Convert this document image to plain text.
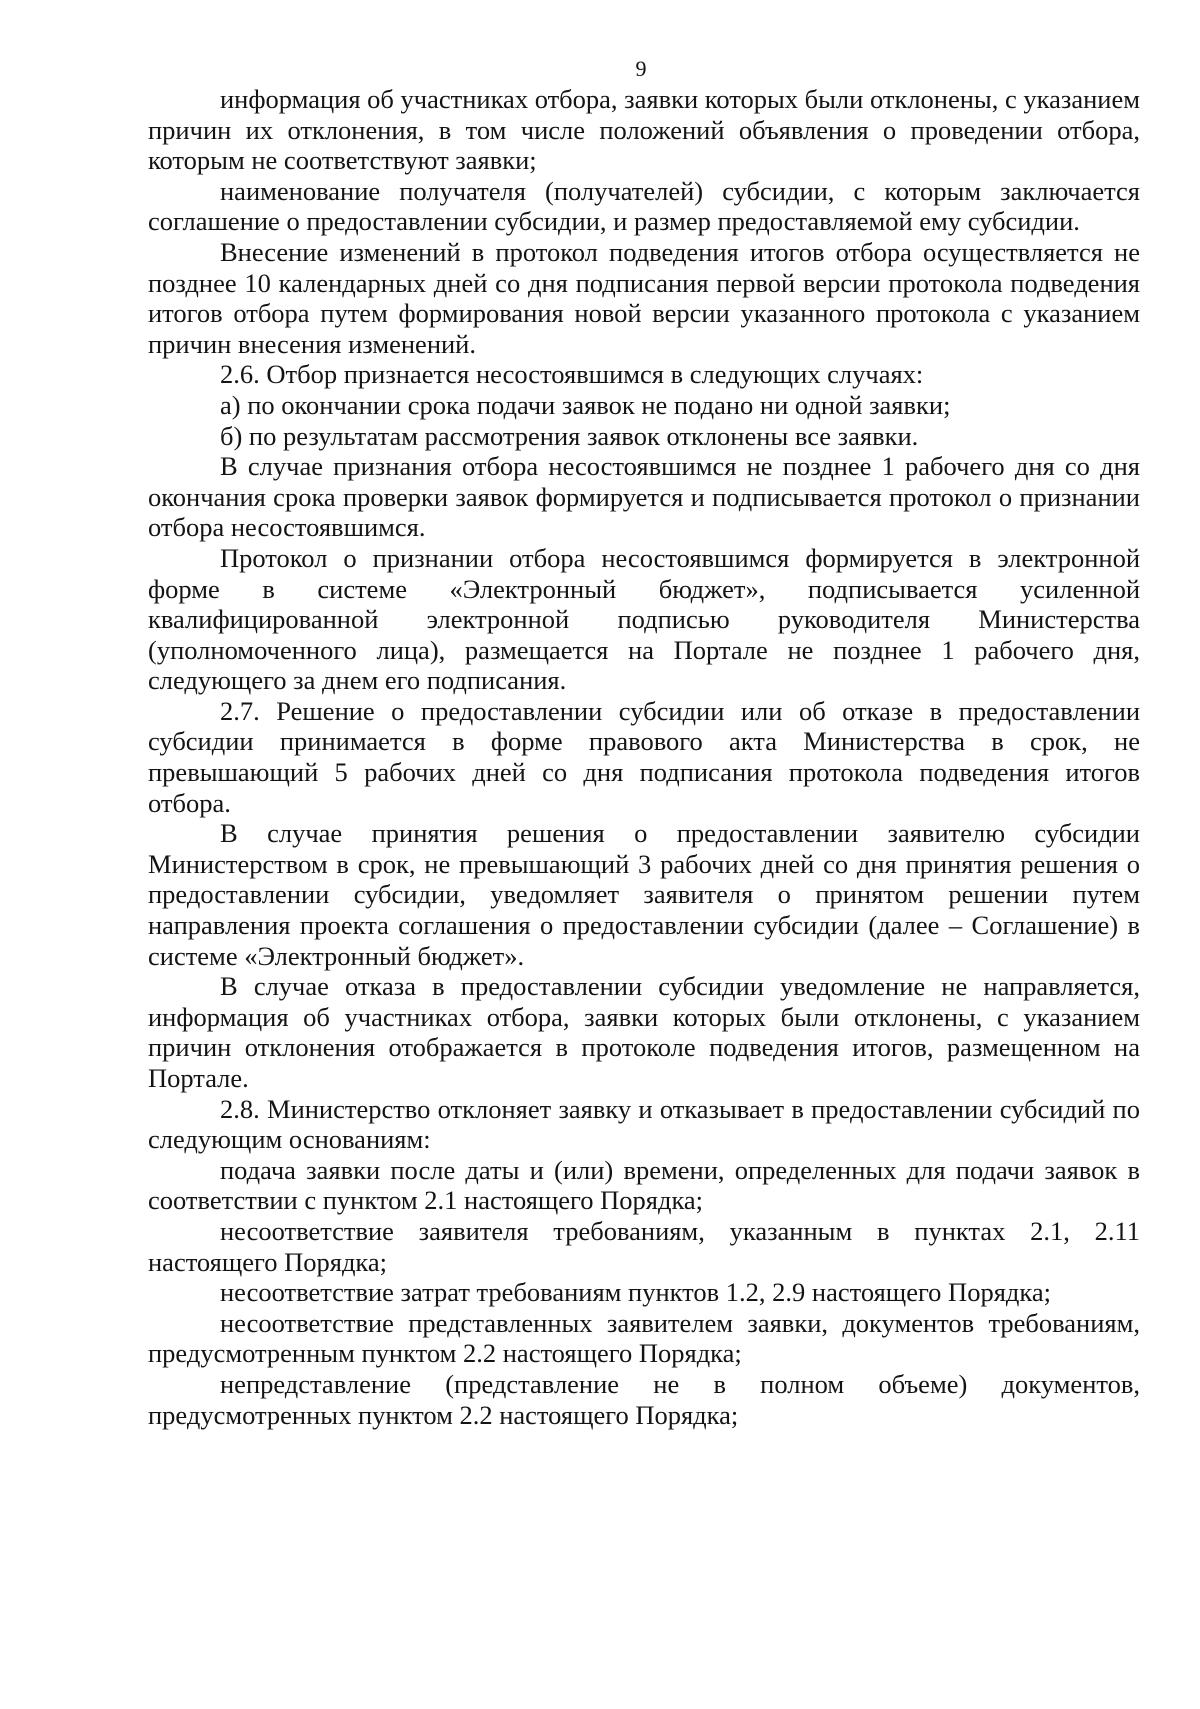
9

информация об участниках отбора, заявки которых были отклонены, с указанием причин их отклонения, в том числе положений объявления о проведении отбора, которым не соответствуют заявки;

наименование получателя (получателей) субсидии, с которым заключается соглашение о предоставлении субсидии, и размер предоставляемой ему субсидии.

Внесение изменений в протокол подведения итогов отбора осуществляется не позднее 10 календарных дней со дня подписания первой версии протокола подведения итогов отбора путем формирования новой версии указанного протокола с указанием причин внесения изменений.

2.6. Отбор признается несостоявшимся в следующих случаях:

а) по окончании срока подачи заявок не подано ни одной заявки;

б) по результатам рассмотрения заявок отклонены все заявки.

В случае признания отбора несостоявшимся не позднее 1 рабочего дня со дня окончания срока проверки заявок формируется и подписывается протокол о признании отбора несостоявшимся.

Протокол о признании отбора несостоявшимся формируется в электронной форме в системе «Электронный бюджет», подписывается усиленной квалифицированной электронной подписью руководителя Министерства (уполномоченного лица), размещается на Портале не позднее 1 рабочего дня, следующего за днем его подписания.

2.7. Решение о предоставлении субсидии или об отказе в предоставлении субсидии принимается в форме правового акта Министерства в срок, не превышающий 5 рабочих дней со дня подписания протокола подведения итогов отбора.

В случае принятия решения о предоставлении заявителю субсидии Министерством в срок, не превышающий 3 рабочих дней со дня принятия решения о предоставлении субсидии, уведомляет заявителя о принятом решении путем направления проекта соглашения о предоставлении субсидии (далее – Соглашение) в системе «Электронный бюджет».

В случае отказа в предоставлении субсидии уведомление не направляется, информация об участниках отбора, заявки которых были отклонены, с указанием причин отклонения отображается в протоколе подведения итогов, размещенном на Портале.

2.8. Министерство отклоняет заявку и отказывает в предоставлении субсидий по следующим основаниям:

подача заявки после даты и (или) времени, определенных для подачи заявок в соответствии с пунктом 2.1 настоящего Порядка;

несоответствие заявителя требованиям, указанным в пунктах 2.1, 2.11 настоящего Порядка;

несоответствие затрат требованиям пунктов 1.2, 2.9 настоящего Порядка;

несоответствие представленных заявителем заявки, документов требованиям, предусмотренным пунктом 2.2 настоящего Порядка;

непредставление (представление не в полном объеме) документов, предусмотренных пунктом 2.2 настоящего Порядка;
